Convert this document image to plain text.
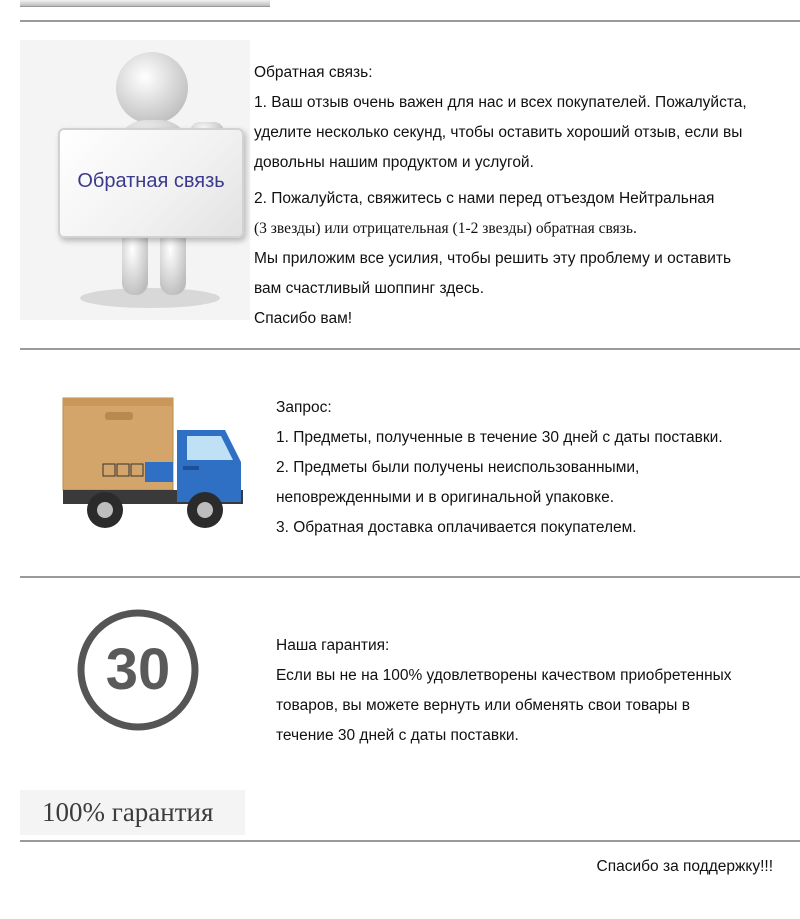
Обратная связь

Обратная связь:

1. Ваш отзыв очень важен для нас и всех покупателей. Пожалуйста,

уделите несколько секунд, чтобы оставить хороший отзыв, если вы

довольны нашим продуктом и услугой.

2. Пожалуйста, свяжитесь с нами перед отъездом Нейтральная

(3 звезды) или отрицательная (1-2 звезды) обратная связь.

Мы приложим все усилия, чтобы решить эту проблему и оставить

вам счастливый шоппинг здесь.

Спасибо вам!

Запрос:

1. Предметы, полученные в течение 30 дней с даты поставки.

2. Предметы были получены неиспользованными,

неповрежденными и в оригинальной упаковке.

3. Обратная доставка оплачивается покупателем.

30
100% гарантия

Наша гарантия:

Если вы не на 100% удовлетворены качеством приобретенных

товаров, вы можете вернуть или обменять свои товары в

течение 30 дней с даты поставки.

Спасибо за поддержку!!!
